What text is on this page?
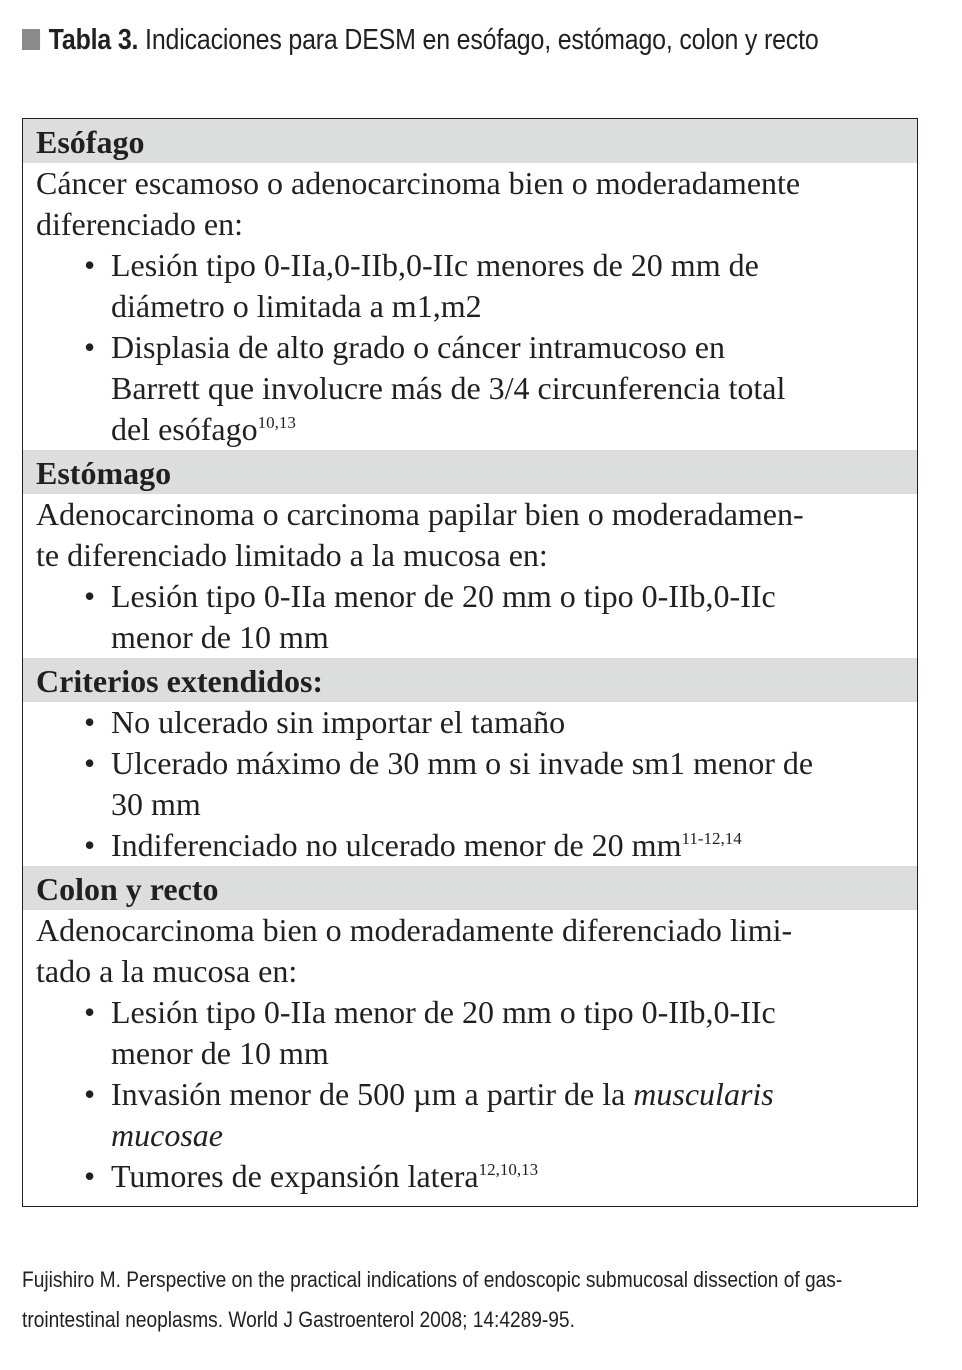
Tabla 3. Indicaciones para DESM en esófago, estómago, colon y recto
Esófago
Cáncer escamoso o adenocarcinoma bien o moderadamente
diferenciado en:
• Lesión tipo 0-IIa,0-IIb,0-IIc menores de 20 mm de
diámetro o limitada a m1,m2
• Displasia de alto grado o cáncer intramucoso en
Barrett que involucre más de 3/4 circunferencia total
del esófago$^{10,13}$
Estómago
Adenocarcinoma o carcinoma papilar bien o moderadamen-
te diferenciado limitado a la mucosa en:
• Lesión tipo 0-IIa menor de 20 mm o tipo 0-IIb,0-IIc
menor de 10 mm
Criterios extendidos:
• No ulcerado sin importar el tamaño
• Ulcerado máximo de 30 mm o si invade sm1 menor de
30 mm
• Indiferenciado no ulcerado menor de 20 mm$^{11-12,14}$
Colon y recto
Adenocarcinoma bien o moderadamente diferenciado limi-
tado a la mucosa en:
• Lesión tipo 0-IIa menor de 20 mm o tipo 0-IIb,0-IIc
menor de 10 mm
• Invasión menor de 500 µm a partir de la muscularis
mucosae
• Tumores de expansión latera$^{12,10,13}$
Fujishiro M. Perspective on the practical indications of endoscopic submucosal dissection of gas-
trointestinal neoplasms. World J Gastroenterol 2008; 14:4289-95.
